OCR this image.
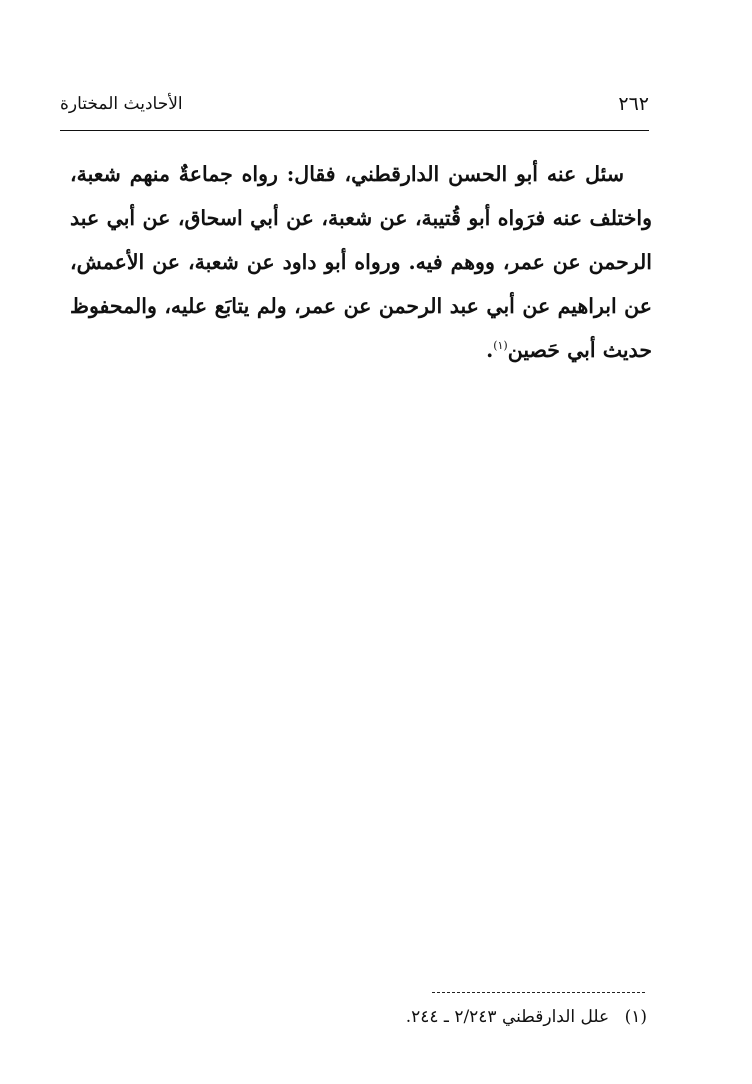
٢٦٢
الأحاديث المختارة

سئل عنه أبو الحسن الدارقطني، فقال: رواه جماعةٌ منهم شعبة، واختلف عنه فرَواه أبو قُتيبة، عن شعبة، عن أبي اسحاق، عن أبي عبد الرحمن عن عمر، ووهم فيه. ورواه أبو داود عن شعبة، عن الأعمش، عن ابراهيم عن أبي عبد الرحمن عن عمر، ولم يتابَع عليه، والمحفوظ حديث أبي حَصين$^{(١)}$.

(١) علل الدارقطني ٢/٢٤٣ ـ ٢٤٤.
